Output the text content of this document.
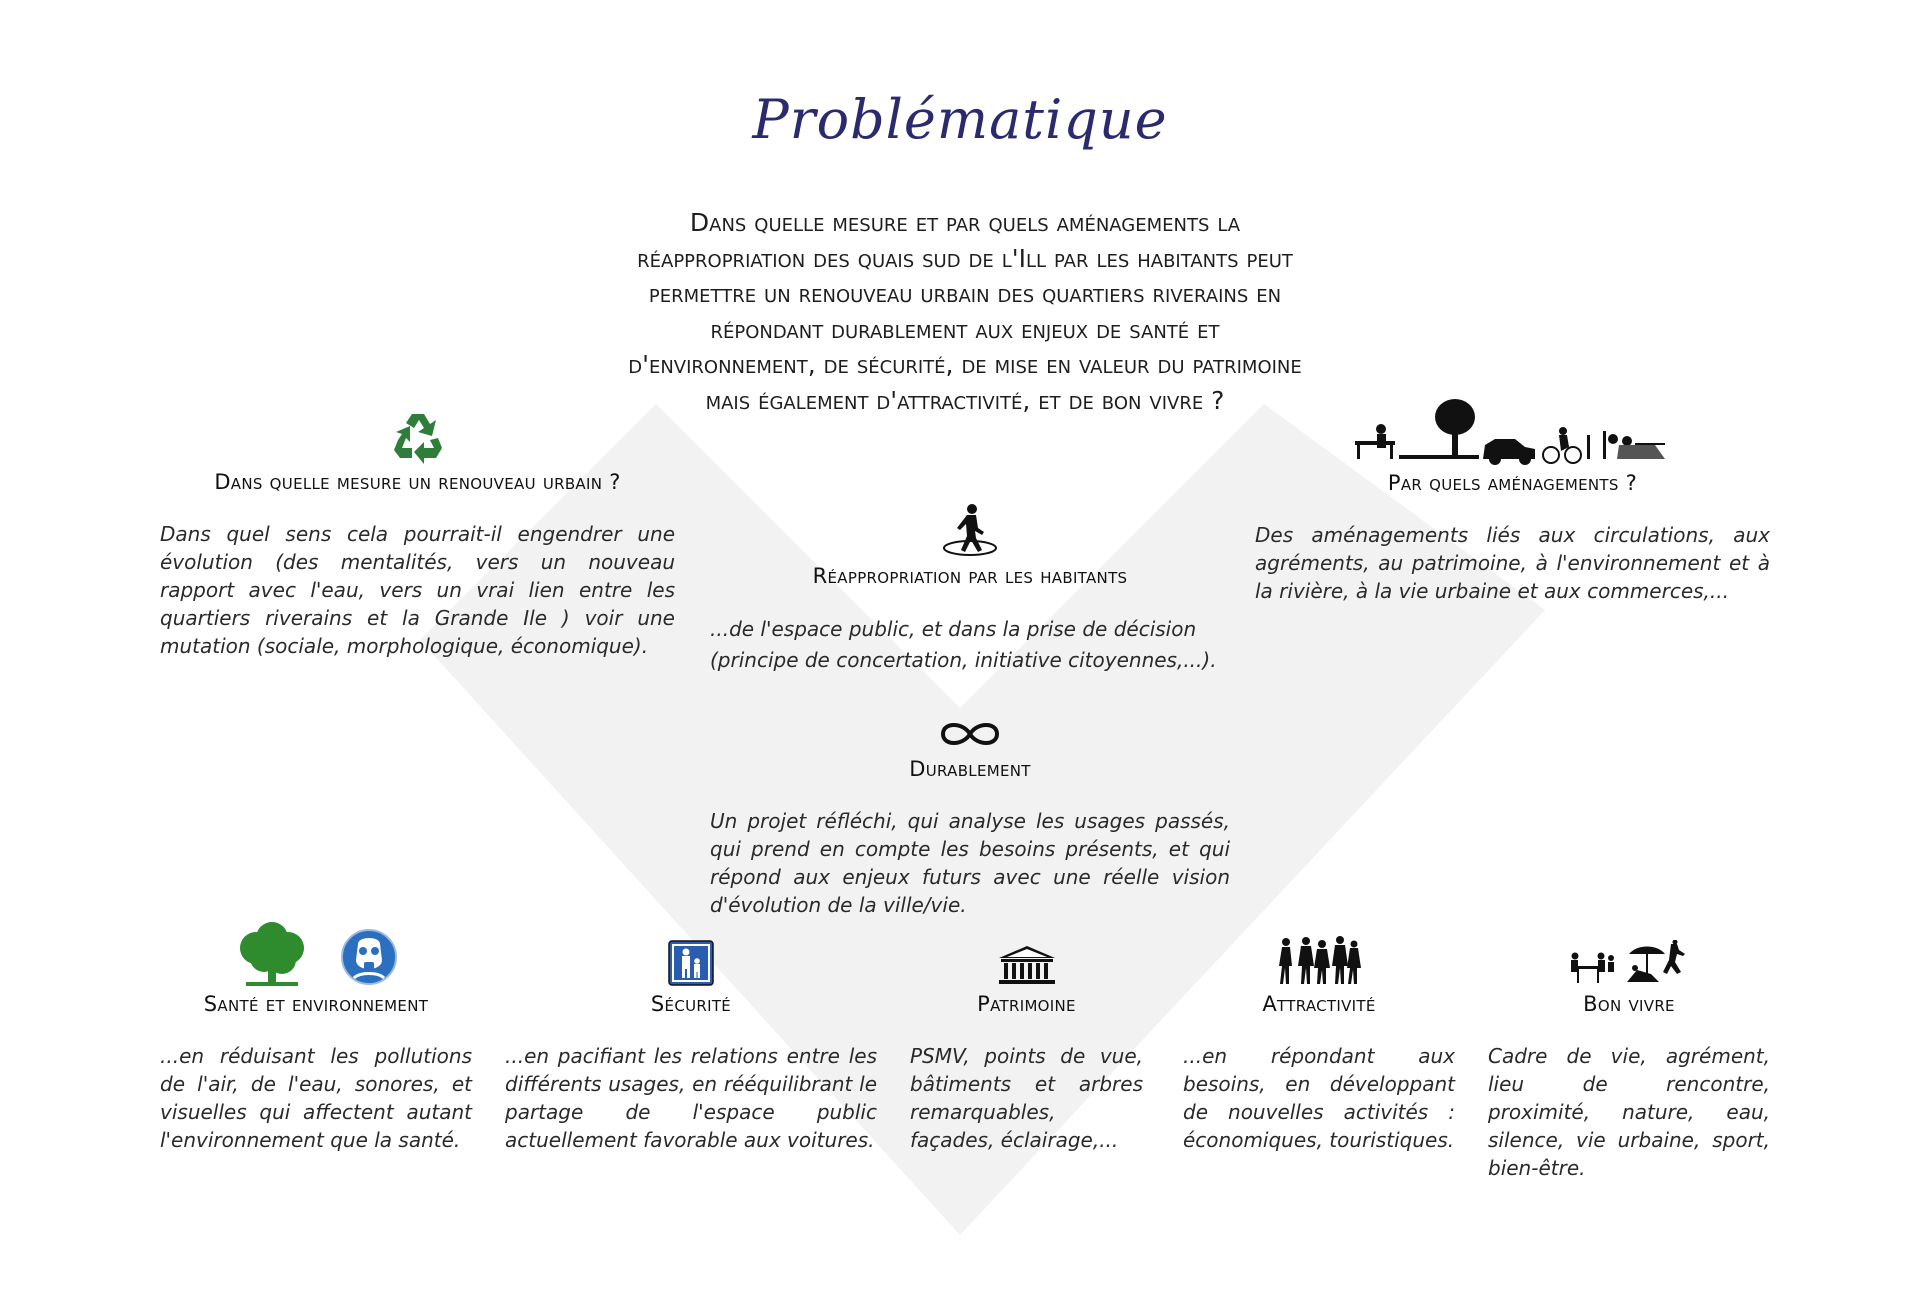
Problématique
Dans quelle mesure et par quels aménagements la réappropriation des quais sud de l'Ill par les habitants peut permettre un renouveau urbain des quartiers riverains en répondant durablement aux enjeux de santé et d'environnement, de sécurité, de mise en valeur du patrimoine mais également d'attractivité, et de bon vivre ?
Dans quelle mesure un renouveau urbain ?
Dans quel sens cela pourrait-il engendrer une évolution (des mentalités, vers un nouveau rapport avec l'eau, vers un vrai lien entre les quartiers riverains et la Grande Ile ) voir une mutation (sociale, morphologique, économique).
Par quels aménagements ?
Des aménagements liés aux circulations, aux agréments, au patrimoine, à l'environnement et à la rivière, à la vie urbaine et aux commerces,...
Réappropriation par les habitants
...de l'espace public, et dans la prise de décision (principe de concertation, initiative citoyennes,...).
Durablement
Un projet réfléchi, qui analyse les usages passés, qui prend en compte les besoins présents, et qui répond aux enjeux futurs avec une réelle vision d'évolution de la ville/vie.
Santé et environnement
...en réduisant les pollutions de l'air, de l'eau, sonores, et visuelles qui affectent autant l'environnement que la santé.
Sécurité
...en pacifiant les relations entre les différents usages, en rééquilibrant le partage de l'espace public actuellement favorable aux voitures.
Patrimoine
PSMV, points de vue, bâtiments et arbres remarquables, façades, éclairage,...
Attractivité
...en répondant aux besoins, en développant de nouvelles activités : économiques, touristiques.
Bon vivre
Cadre de vie, agrément, lieu de rencontre, proximité, nature, eau, silence, vie urbaine, sport, bien-être.
